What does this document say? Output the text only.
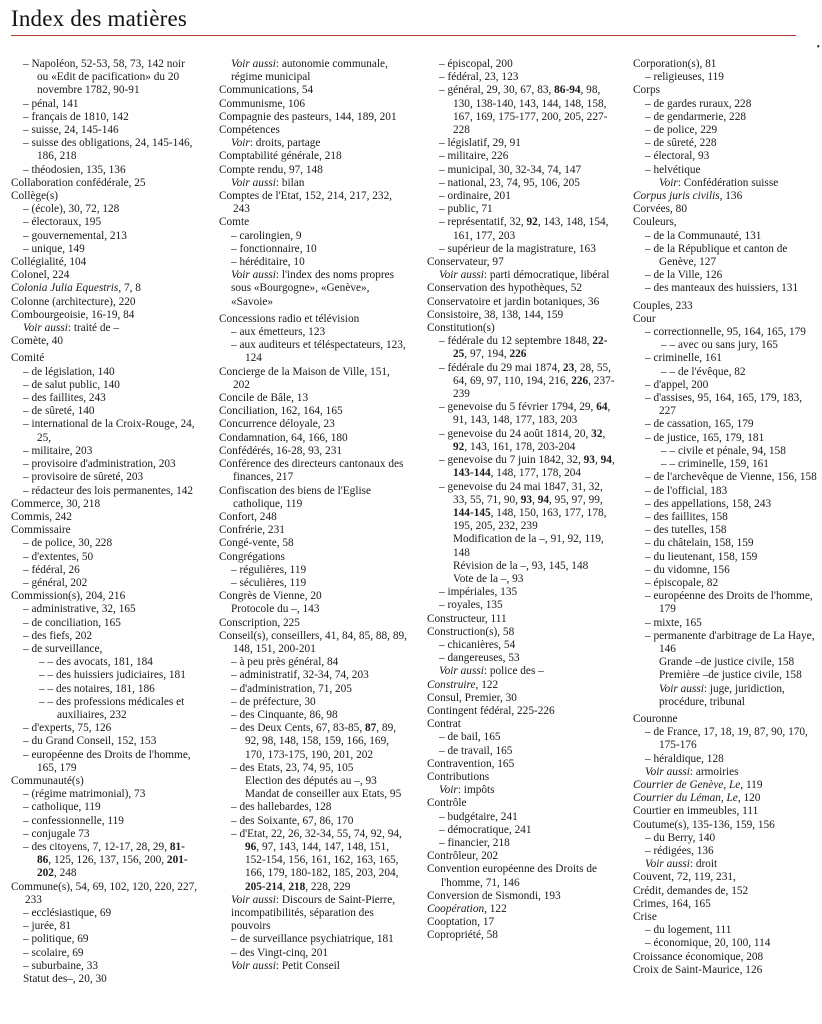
Index des matières
•
– Napoléon, 52-53, 58, 73, 142 noir ou «Edit de pacification» du 20 novembre 1782, 90-91
– pénal, 141
– français de 1810, 142
– suisse, 24, 145-146
– suisse des obligations, 24, 145-146, 186, 218
– théodosien, 135, 136
Collaboration confédérale, 25
Collège(s)
– (école), 30, 72, 128
– électoraux, 195
– gouvernemental, 213
– unique, 149
Collégialité, 104
Colonel, 224
Colonia Julia Equestris, 7, 8
Colonne (architecture), 220
Combourgeoisie, 16-19, 84
Voir aussi: traité de –
Comète, 40
Comité
– de législation, 140
– de salut public, 140
– des faillites, 243
– de sûreté, 140
– international de la Croix-Rouge, 24, 25,
– militaire, 203
– provisoire d'administration, 203
– provisoire de sûreté, 203
– rédacteur des lois permanentes, 142
Commerce, 30, 218
Commis, 242
Commissaire
– de police, 30, 228
– d'extentes, 50
– fédéral, 26
– général, 202
Commission(s), 204, 216
– administrative, 32, 165
– de conciliation, 165
– des fiefs, 202
– de surveillance,
– – des avocats, 181, 184
– – des huissiers judiciaires, 181
– – des notaires, 181, 186
– – des professions médicales et auxiliaires, 232
– d'experts, 75, 126
– du Grand Conseil, 152, 153
– européenne des Droits de l'homme, 165, 179
Communauté(s)
– (régime matrimonial), 73
– catholique, 119
– confessionnelle, 119
– conjugale 73
– des citoyens, 7, 12-17, 28, 29, 81-86, 125, 126, 137, 156, 200, 201-202, 248
Commune(s), 54, 69, 102, 120, 220, 227, 233
– ecclésiastique, 69
– jurée, 81
– politique, 69
– scolaire, 69
– suburbaine, 33
Statut des–, 20, 30
Voir aussi: autonomie communale, régime municipal
Communications, 54
Communisme, 106
Compagnie des pasteurs, 144, 189, 201
Compétences
Voir: droits, partage
Comptabilité générale, 218
Compte rendu, 97, 148
Voir aussi: bilan
Comptes de l'Etat, 152, 214, 217, 232, 243
Comte
– carolingien, 9
– fonctionnaire, 10
– héréditaire, 10
Voir aussi: l'index des noms propres sous «Bourgogne», «Genève», «Savoie»
Concessions radio et télévision
– aux émetteurs, 123
– aux auditeurs et téléspectateurs, 123, 124
Concierge de la Maison de Ville, 151, 202
Concile de Bâle, 13
Conciliation, 162, 164, 165
Concurrence déloyale, 23
Condamnation, 64, 166, 180
Confédérés, 16-28, 93, 231
Conférence des directeurs cantonaux des finances, 217
Confiscation des biens de l'Eglise catholique, 119
Confort, 248
Confrérie, 231
Congé-vente, 58
Congrégations
– régulières, 119
– séculières, 119
Congrès de Vienne, 20
Protocole du –, 143
Conscription, 225
Conseil(s), conseillers, 41, 84, 85, 88, 89, 148, 151, 200-201
– à peu près général, 84
– administratif, 32-34, 74, 203
– d'administration, 71, 205
– de préfecture, 30
– des Cinquante, 86, 98
– des Deux Cents, 67, 83-85, 87, 89, 92, 98, 148, 158, 159, 166, 169, 170, 173-175, 190, 201, 202
– des Etats, 23, 74, 95, 105
Election des députés au –, 93
Mandat de conseiller aux Etats, 95
– des hallebardes, 128
– des Soixante, 67, 86, 170
– d'Etat, 22, 26, 32-34, 55, 74, 92, 94, 96, 97, 143, 144, 147, 148, 151, 152-154, 156, 161, 162, 163, 165, 166, 179, 180-182, 185, 203, 204, 205-214, 218, 228, 229
Voir aussi: Discours de Saint-Pierre, incompatibilités, séparation des pouvoirs
– de surveillance psychiatrique, 181
– des Vingt-cinq, 201
Voir aussi: Petit Conseil
– épiscopal, 200
– fédéral, 23, 123
– général, 29, 30, 67, 83, 86-94, 98, 130, 138-140, 143, 144, 148, 158, 167, 169, 175-177, 200, 205, 227-228
– législatif, 29, 91
– militaire, 226
– municipal, 30, 32-34, 74, 147
– national, 23, 74, 95, 106, 205
– ordinaire, 201
– public, 71
– représentatif, 32, 92, 143, 148, 154, 161, 177, 203
– supérieur de la magistrature, 163
Conservateur, 97
Voir aussi: parti démocratique, libéral
Conservation des hypothèques, 52
Conservatoire et jardin botaniques, 36
Consistoire, 38, 138, 144, 159
Constitution(s)
– fédérale du 12 septembre 1848, 22-25, 97, 194, 226
– fédérale du 29 mai 1874, 23, 28, 55, 64, 69, 97, 110, 194, 216, 226, 237-239
– genevoise du 5 février 1794, 29, 64, 91, 143, 148, 177, 183, 203
– genevoise du 24 août 1814, 20, 32, 92, 143, 161, 178, 203-204
– genevoise du 7 juin 1842, 32, 93, 94, 143-144, 148, 177, 178, 204
– genevoise du 24 mai 1847, 31, 32, 33, 55, 71, 90, 93, 94, 95, 97, 99, 144-145, 148, 150, 163, 177, 178, 195, 205, 232, 239
Modification de la –, 91, 92, 119, 148
Révision de la –, 93, 145, 148
Vote de la –, 93
– impériales, 135
– royales, 135
Constructeur, 111
Construction(s), 58
– chicanières, 54
– dangereuses, 53
Voir aussi: police des –
Construire, 122
Consul, Premier, 30
Contingent fédéral, 225-226
Contrat
– de bail, 165
– de travail, 165
Contravention, 165
Contributions
Voir: impôts
Contrôle
– budgétaire, 241
– démocratique, 241
– financier, 218
Contrôleur, 202
Convention européenne des Droits de l'homme, 71, 146
Conversion de Sismondi, 193
Coopération, 122
Cooptation, 17
Copropriété, 58
Corporation(s), 81
– religieuses, 119
Corps
– de gardes ruraux, 228
– de gendarmerie, 228
– de police, 229
– de sûreté, 228
– électoral, 93
– helvétique
Voir: Confédération suisse
Corpus juris civilis, 136
Corvées, 80
Couleurs,
– de la Communauté, 131
– de la République et canton de Genève, 127
– de la Ville, 126
– des manteaux des huissiers, 131
Couples, 233
Cour
– correctionnelle, 95, 164, 165, 179
– – avec ou sans jury, 165
– criminelle, 161
– – de l'évêque, 82
– d'appel, 200
– d'assises, 95, 164, 165, 179, 183, 227
– de cassation, 165, 179
– de justice, 165, 179, 181
– – civile et pénale, 94, 158
– – criminelle, 159, 161
– de l'archevêque de Vienne, 156, 158
– de l'official, 183
– des appellations, 158, 243
– des faillites, 158
– des tutelles, 158
– du châtelain, 158, 159
– du lieutenant, 158, 159
– du vidomne, 156
– épiscopale, 82
– européenne des Droits de l'homme, 179
– mixte, 165
– permanente d'arbitrage de La Haye, 146
Grande –de justice civile, 158
Première –de justice civile, 158
Voir aussi: juge, juridiction, procédure, tribunal
Couronne
– de France, 17, 18, 19, 87, 90, 170, 175-176
– héraldique, 128
Voir aussi: armoiries
Courrier de Genève, Le, 119
Courrier du Léman, Le, 120
Courtier en immeubles, 111
Coutume(s), 135-136, 159, 156
– du Berry, 140
– rédigées, 136
Voir aussi: droit
Couvent, 72, 119, 231,
Crédit, demandes de, 152
Crimes, 164, 165
Crise
– du logement, 111
– économique, 20, 100, 114
Croissance économique, 208
Croix de Saint-Maurice, 126
